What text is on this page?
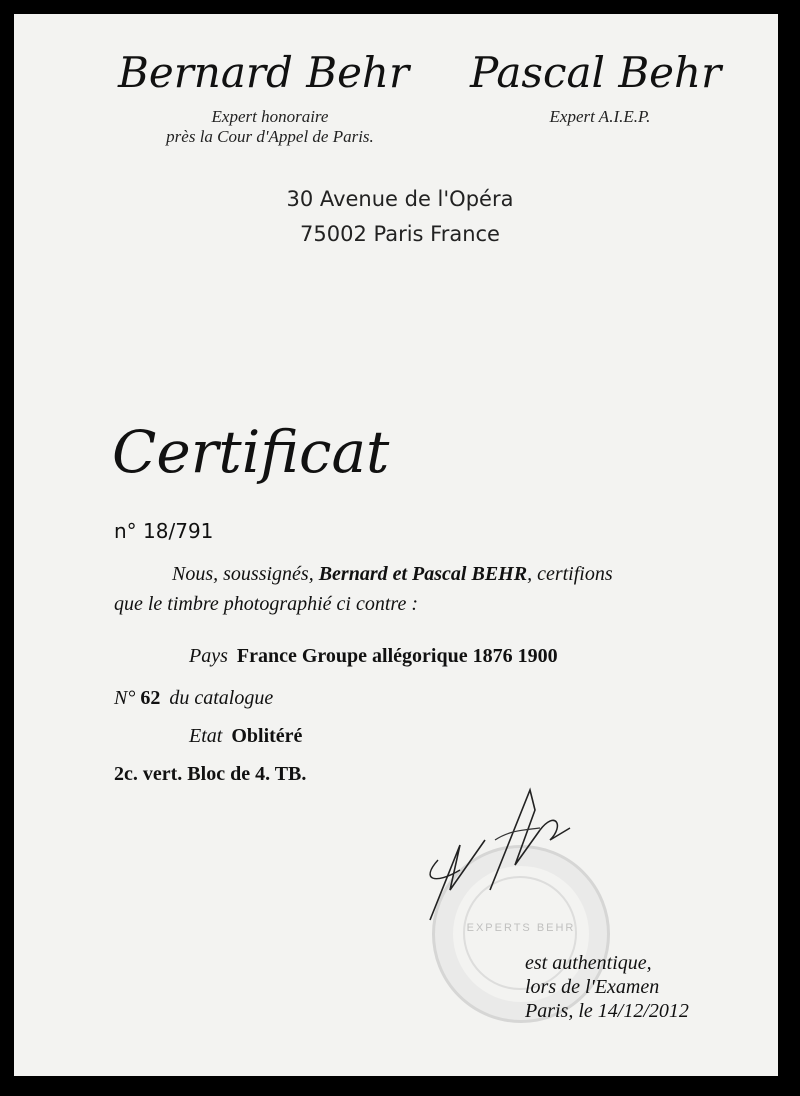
Bernard Behr Pascal Behr
Expert honoraire
près la Cour d'Appel de Paris.
Expert A.I.E.P.
30 Avenue de l'Opéra
75002 Paris France
Certificat
n° 18/791
Nous, soussignés, Bernard et Pascal BEHR, certifions
que le timbre photographié ci contre :
Pays France Groupe allégorique 1876 1900
N° 62 du catalogue
Etat Oblitéré
2c. vert. Bloc de 4. TB.
EXPERTS BEHR
est authentique,
lors de l'Examen
Paris, le 14/12/2012
